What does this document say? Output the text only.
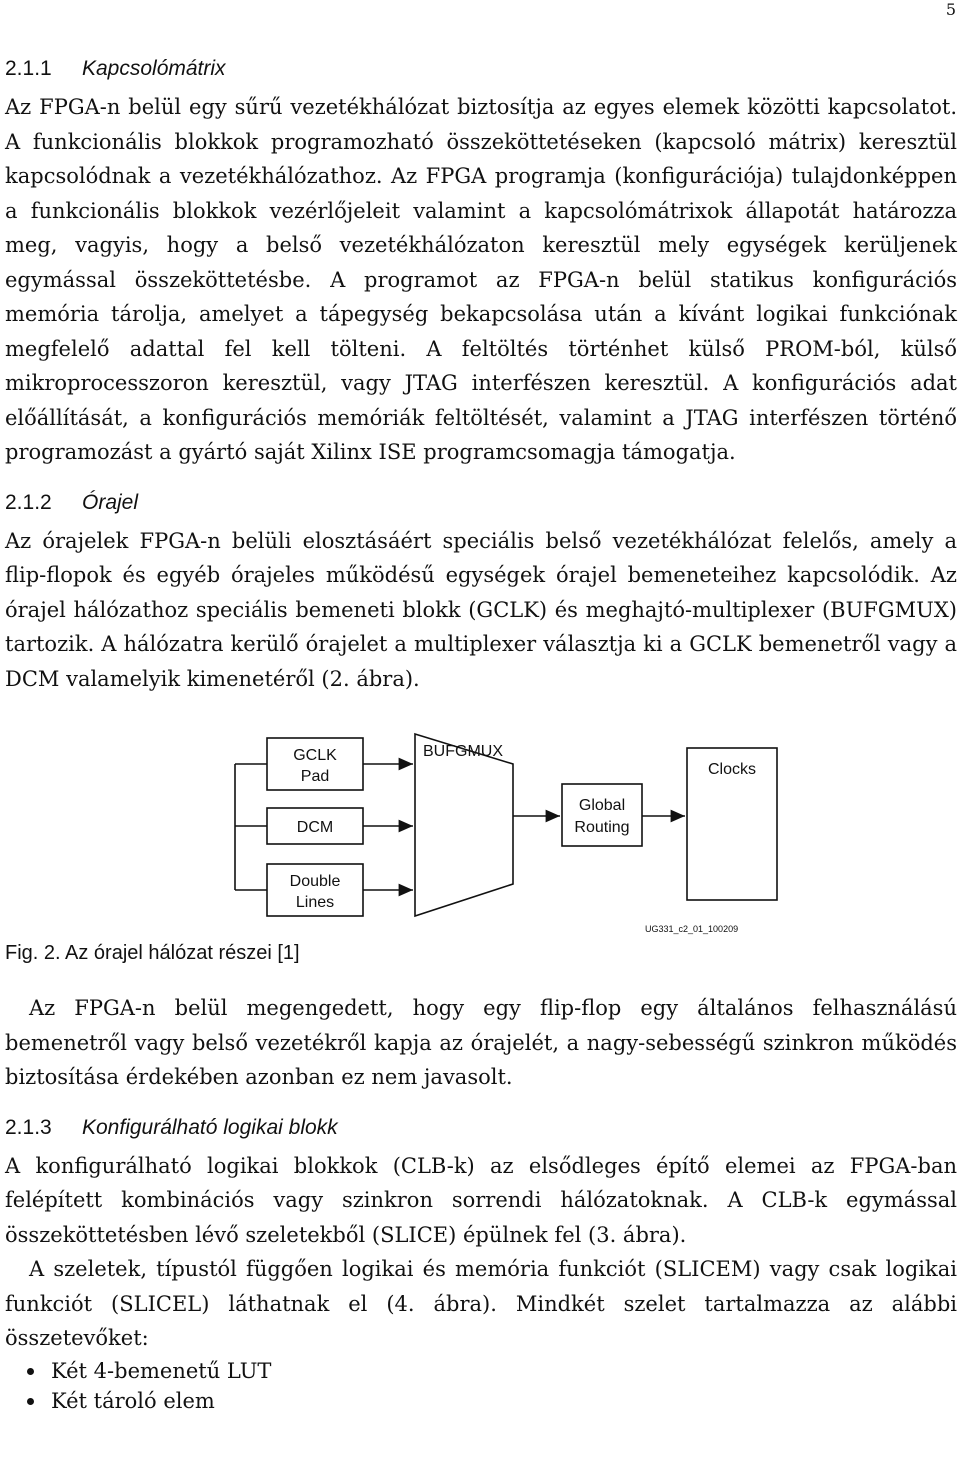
5
2.1.1 Kapcsolómátrix

Az FPGA-n belül egy sűrű vezetékhálózat biztosítja az egyes elemek közötti kapcsolatot. A funkcionális blokkok programozható összeköttetéseken (kapcsoló mátrix) keresztül kapcsolódnak a vezetékhálózathoz. Az FPGA programja (konfigurációja) tulajdonképpen a funkcionális blokkok vezérlőjeleit valamint a kapcsolómátrixok állapotát határozza meg, vagyis, hogy a belső vezetékhálózaton keresztül mely egységek kerüljenek egymással összeköttetésbe. A programot az FPGA-n belül statikus konfigurációs memória tárolja, amelyet a tápegység bekapcsolása után a kívánt logikai funkciónak megfelelő adattal fel kell tölteni. A feltöltés történhet külső PROM-ból, külső mikroprocesszoron keresztül, vagy JTAG interfészen keresztül. A konfigurációs adat előállítását, a konfigurációs memóriák feltöltését, valamint a JTAG interfészen történő programozást a gyártó saját Xilinx ISE programcsomagja támogatja.

2.1.2 Órajel

Az órajelek FPGA-n belüli elosztásáért speciális belső vezetékhálózat felelős, amely a flip-flopok és egyéb órajeles működésű egységek órajel bemeneteihez kapcsolódik. Az órajel hálózathoz speciális bemeneti blokk (GCLK) és meghajtó-multiplexer (BUFGMUX) tartozik. A hálózatra kerülő órajelet a multiplexer választja ki a GCLK bemenetről vagy a DCM valamelyik kimenetéről (2. ábra).

GCLK
Pad
DCM
Double
Lines
BUFGMUX
Global
Routing
Clocks
UG331_c2_01_100209
Fig. 2. Az órajel hálózat részei [1]

Az FPGA-n belül megengedett, hogy egy flip-flop egy általános felhasználású bemenetről vagy belső vezetékről kapja az órajelét, a nagy-sebességű szinkron működés biztosítása érdekében azonban ez nem javasolt.

2.1.3 Konfigurálható logikai blokk

A konfigurálható logikai blokkok (CLB-k) az elsődleges építő elemei az FPGA-ban felépített kombinációs vagy szinkron sorrendi hálózatoknak. A CLB-k egymással összeköttetésben lévő szeletekből (SLICE) épülnek fel (3. ábra).

A szeletek, típustól függően logikai és memória funkciót (SLICEM) vagy csak logikai funkciót (SLICEL) láthatnak el (4. ábra). Mindkét szelet tartalmazza az alábbi összetevőket:

Két 4-bemenetű LUT
Két tároló elem
